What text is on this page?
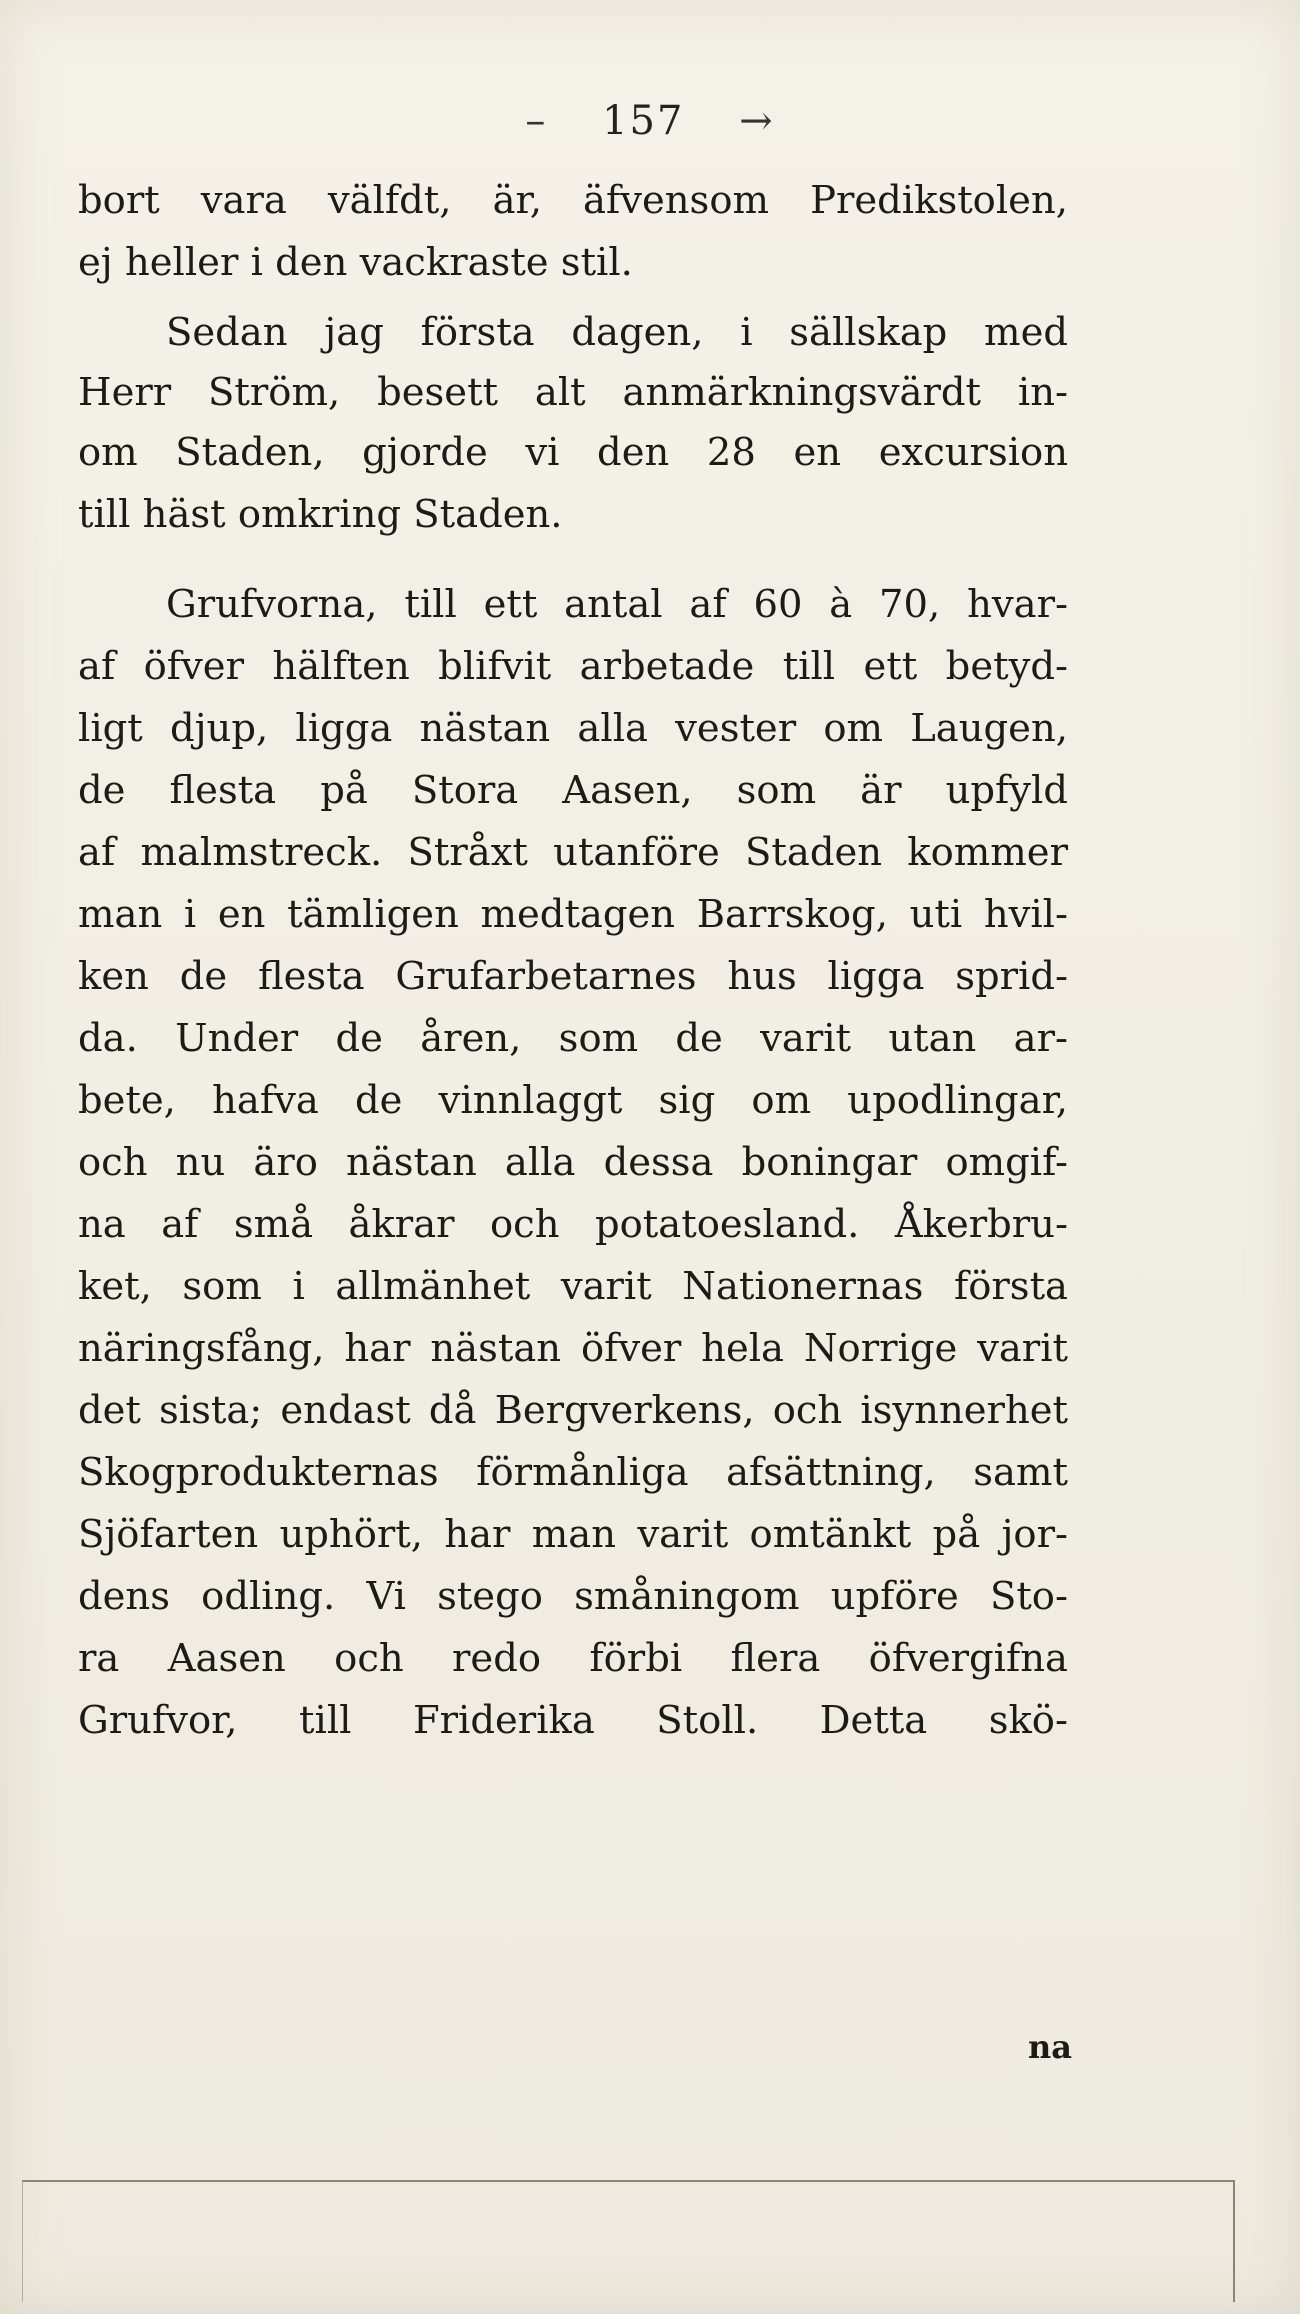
– 157 →
bort vara välfdt, är, äfvensom Predikstolen,
ej heller i den vackraste stil.
Sedan jag första dagen, i sällskap med
Herr Ström, besett alt anmärkningsvärdt in-
om Staden, gjorde vi den 28 en excursion
till häst omkring Staden.
Grufvorna, till ett antal af 60 à 70, hvar-
af öfver hälften blifvit arbetade till ett betyd-
ligt djup, ligga nästan alla vester om Laugen,
de flesta på Stora Aasen, som är upfyld
af malmstreck. Stråxt utanföre Staden kommer
man i en tämligen medtagen Barrskog, uti hvil-
ken de flesta Grufarbetarnes hus ligga sprid-
da. Under de åren, som de varit utan ar-
bete, hafva de vinnlaggt sig om upodlingar,
och nu äro nästan alla dessa boningar omgif-
na af små åkrar och potatoesland. Åkerbru-
ket, som i allmänhet varit Nationernas första
näringsfång, har nästan öfver hela Norrige varit
det sista; endast då Bergverkens, och isynnerhet
Skogprodukternas förmånliga afsättning, samt
Sjöfarten uphört, har man varit omtänkt på jor-
dens odling. Vi stego småningom upföre Sto-
ra Aasen och redo förbi flera öfvergifna
Grufvor, till Friderika Stoll. Detta skö-
na
